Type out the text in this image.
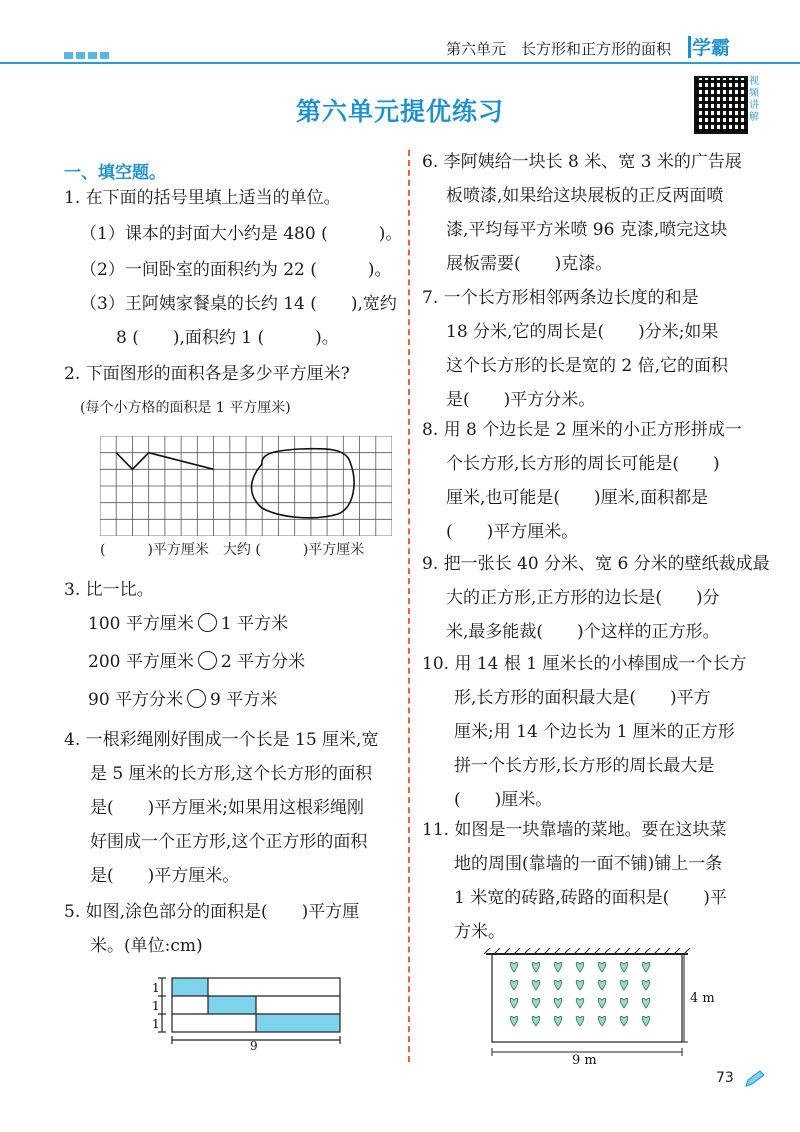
第六单元　 长方形和正方形的面积 学霸
视频讲解
第六单元提优练习
一、填空题。
1. 在下面的括号里填上适当的单位。
（1）课本的封面大小约是 480 (　　　)。
（2）一间卧室的面积约为 22 (　　　)。
（3）王阿姨家餐桌的长约 14 (　　),宽约
8 (　　),面积约 1 (　　　)。
2. 下面图形的面积各是多少平方厘米?
(每个小方格的面积是 1 平方厘米)
(　　　)平方厘米　大约 (　　　)平方厘米
3. 比一比。
100 平方厘米 1 平方米
200 平方厘米 2 平方分米
90 平方分米 9 平方米
4. 一根彩绳刚好围成一个长是 15 厘米,宽
是 5 厘米的长方形,这个长方形的面积
是(　　)平方厘米;如果用这根彩绳刚
好围成一个正方形,这个正方形的面积
是(　　)平方厘米。
5. 如图,涂色部分的面积是(　　)平方厘
米。(单位:cm)
1
1
1
9
6. 李阿姨给一块长 8 米、宽 3 米的广告展
板喷漆,如果给这块展板的正反两面喷
漆,平均每平方米喷 96 克漆,喷完这块
展板需要(　　)克漆。
7. 一个长方形相邻两条边长度的和是
18 分米,它的周长是(　　)分米;如果
这个长方形的长是宽的 2 倍,它的面积
是(　　)平方分米。
8. 用 8 个边长是 2 厘米的小正方形拼成一
个长方形,长方形的周长可能是(　　)
厘米,也可能是(　　)厘米,面积都是
(　　)平方厘米。
9. 把一张长 40 分米、宽 6 分米的壁纸裁成最
大的正方形,正方形的边长是(　　)分
米,最多能裁(　　)个这样的正方形。
10. 用 14 根 1 厘米长的小棒围成一个长方
形,长方形的面积最大是(　　)平方
厘米;用 14 个边长为 1 厘米的正方形
拼一个长方形,长方形的周长最大是
(　　)厘米。
11. 如图是一块靠墙的菜地。要在这块菜
地的周围(靠墙的一面不铺)铺上一条
1 米宽的砖路,砖路的面积是(　　)平
方米。
4 m
9 m
73
